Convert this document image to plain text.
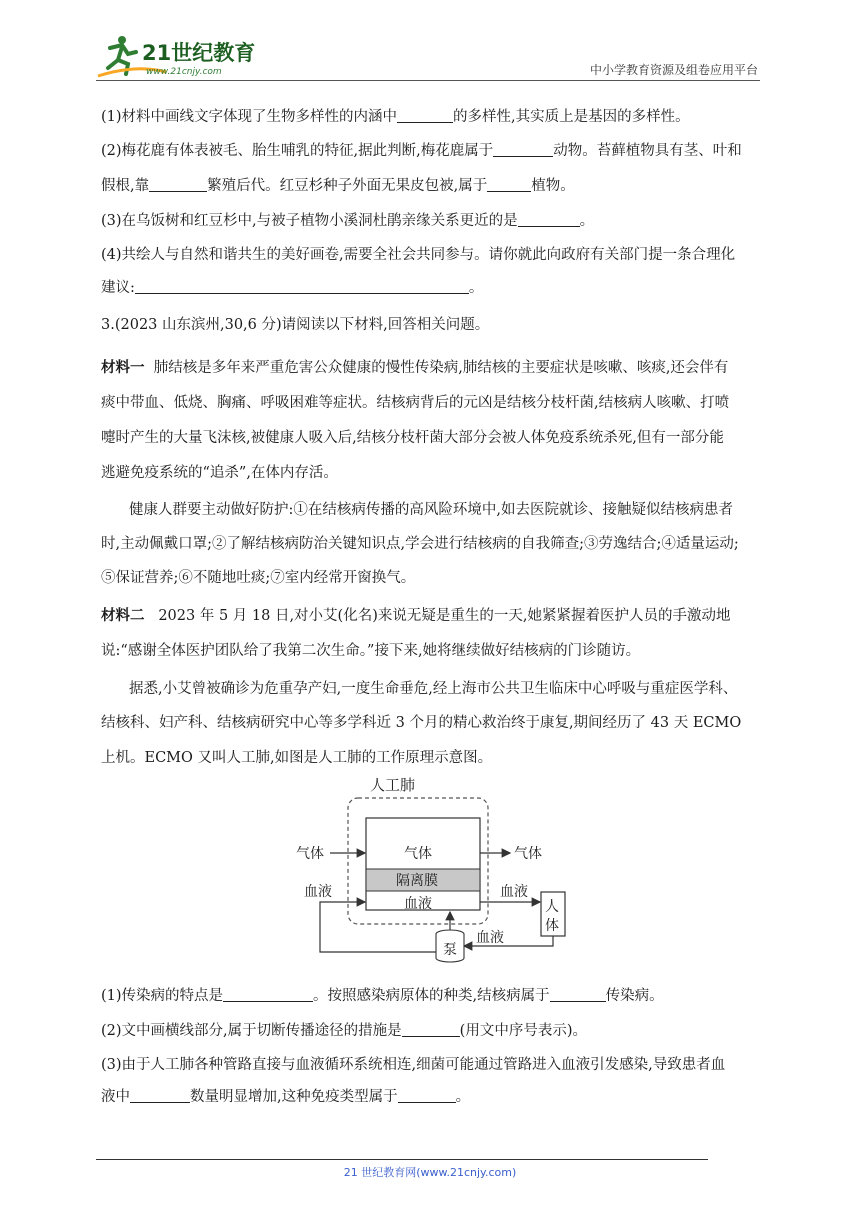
21世纪教育
www.21cnjy.com	中小学教育资源及组卷应用平台
(1)材料中画线文字体现了生物多样性的内涵中	的多样性,其实质上是基因的多样性。
(2)梅花鹿有体表被毛、胎生哺乳的特征,据此判断,梅花鹿属于	动物。苔藓植物具有茎、叶和
假根,靠	繁殖后代。红豆杉种子外面无果皮包被,属于	植物。
(3)在乌饭树和红豆杉中,与被子植物小溪洞杜鹃亲缘关系更近的是	。
(4)共绘人与自然和谐共生的美好画卷,需要全社会共同参与。请你就此向政府有关部门提一条合理化
建议:	。
3.(2023 山东滨州,30,6 分)请阅读以下材料,回答相关问题。
材料一 肺结核是多年来严重危害公众健康的慢性传染病,肺结核的主要症状是咳嗽、咳痰,还会伴有
痰中带血、低烧、胸痛、呼吸困难等症状。结核病背后的元凶是结核分枝杆菌,结核病人咳嗽、打喷
嚏时产生的大量飞沫核,被健康人吸入后,结核分枝杆菌大部分会被人体免疫系统杀死,但有一部分能
逃避免疫系统的“追杀”,在体内存活。
健康人群要主动做好防护:①在结核病传播的高风险环境中,如去医院就诊、接触疑似结核病患者
时,主动佩戴口罩;②了解结核病防治关键知识点,学会进行结核病的自我筛查;③劳逸结合;④适量运动;
⑤保证营养;⑥不随地吐痰;⑦室内经常开窗换气。
材料二 2023 年 5 月 18 日,对小艾(化名)来说无疑是重生的一天,她紧紧握着医护人员的手激动地
说:“感谢全体医护团队给了我第二次生命。”接下来,她将继续做好结核病的门诊随访。
据悉,小艾曾被确诊为危重孕产妇,一度生命垂危,经上海市公共卫生临床中心呼吸与重症医学科、
结核科、妇产科、结核病研究中心等多学科近 3 个月的精心救治终于康复,期间经历了 43 天 ECMO
上机。ECMO 又叫人工肺,如图是人工肺的工作原理示意图。
人工肺
气体
隔离膜
血液
气体	气体
血液	血液
人
体
血液
泵
(1)传染病的特点是	。按照感染病原体的种类,结核病属于	传染病。
(2)文中画横线部分,属于切断传播途径的措施是	(用文中序号表示)。
(3)由于人工肺各种管路直接与血液循环系统相连,细菌可能通过管路进入血液引发感染,导致患者血
液中	数量明显增加,这种免疫类型属于	。
21 世纪教育网(www.21cnjy.com)
